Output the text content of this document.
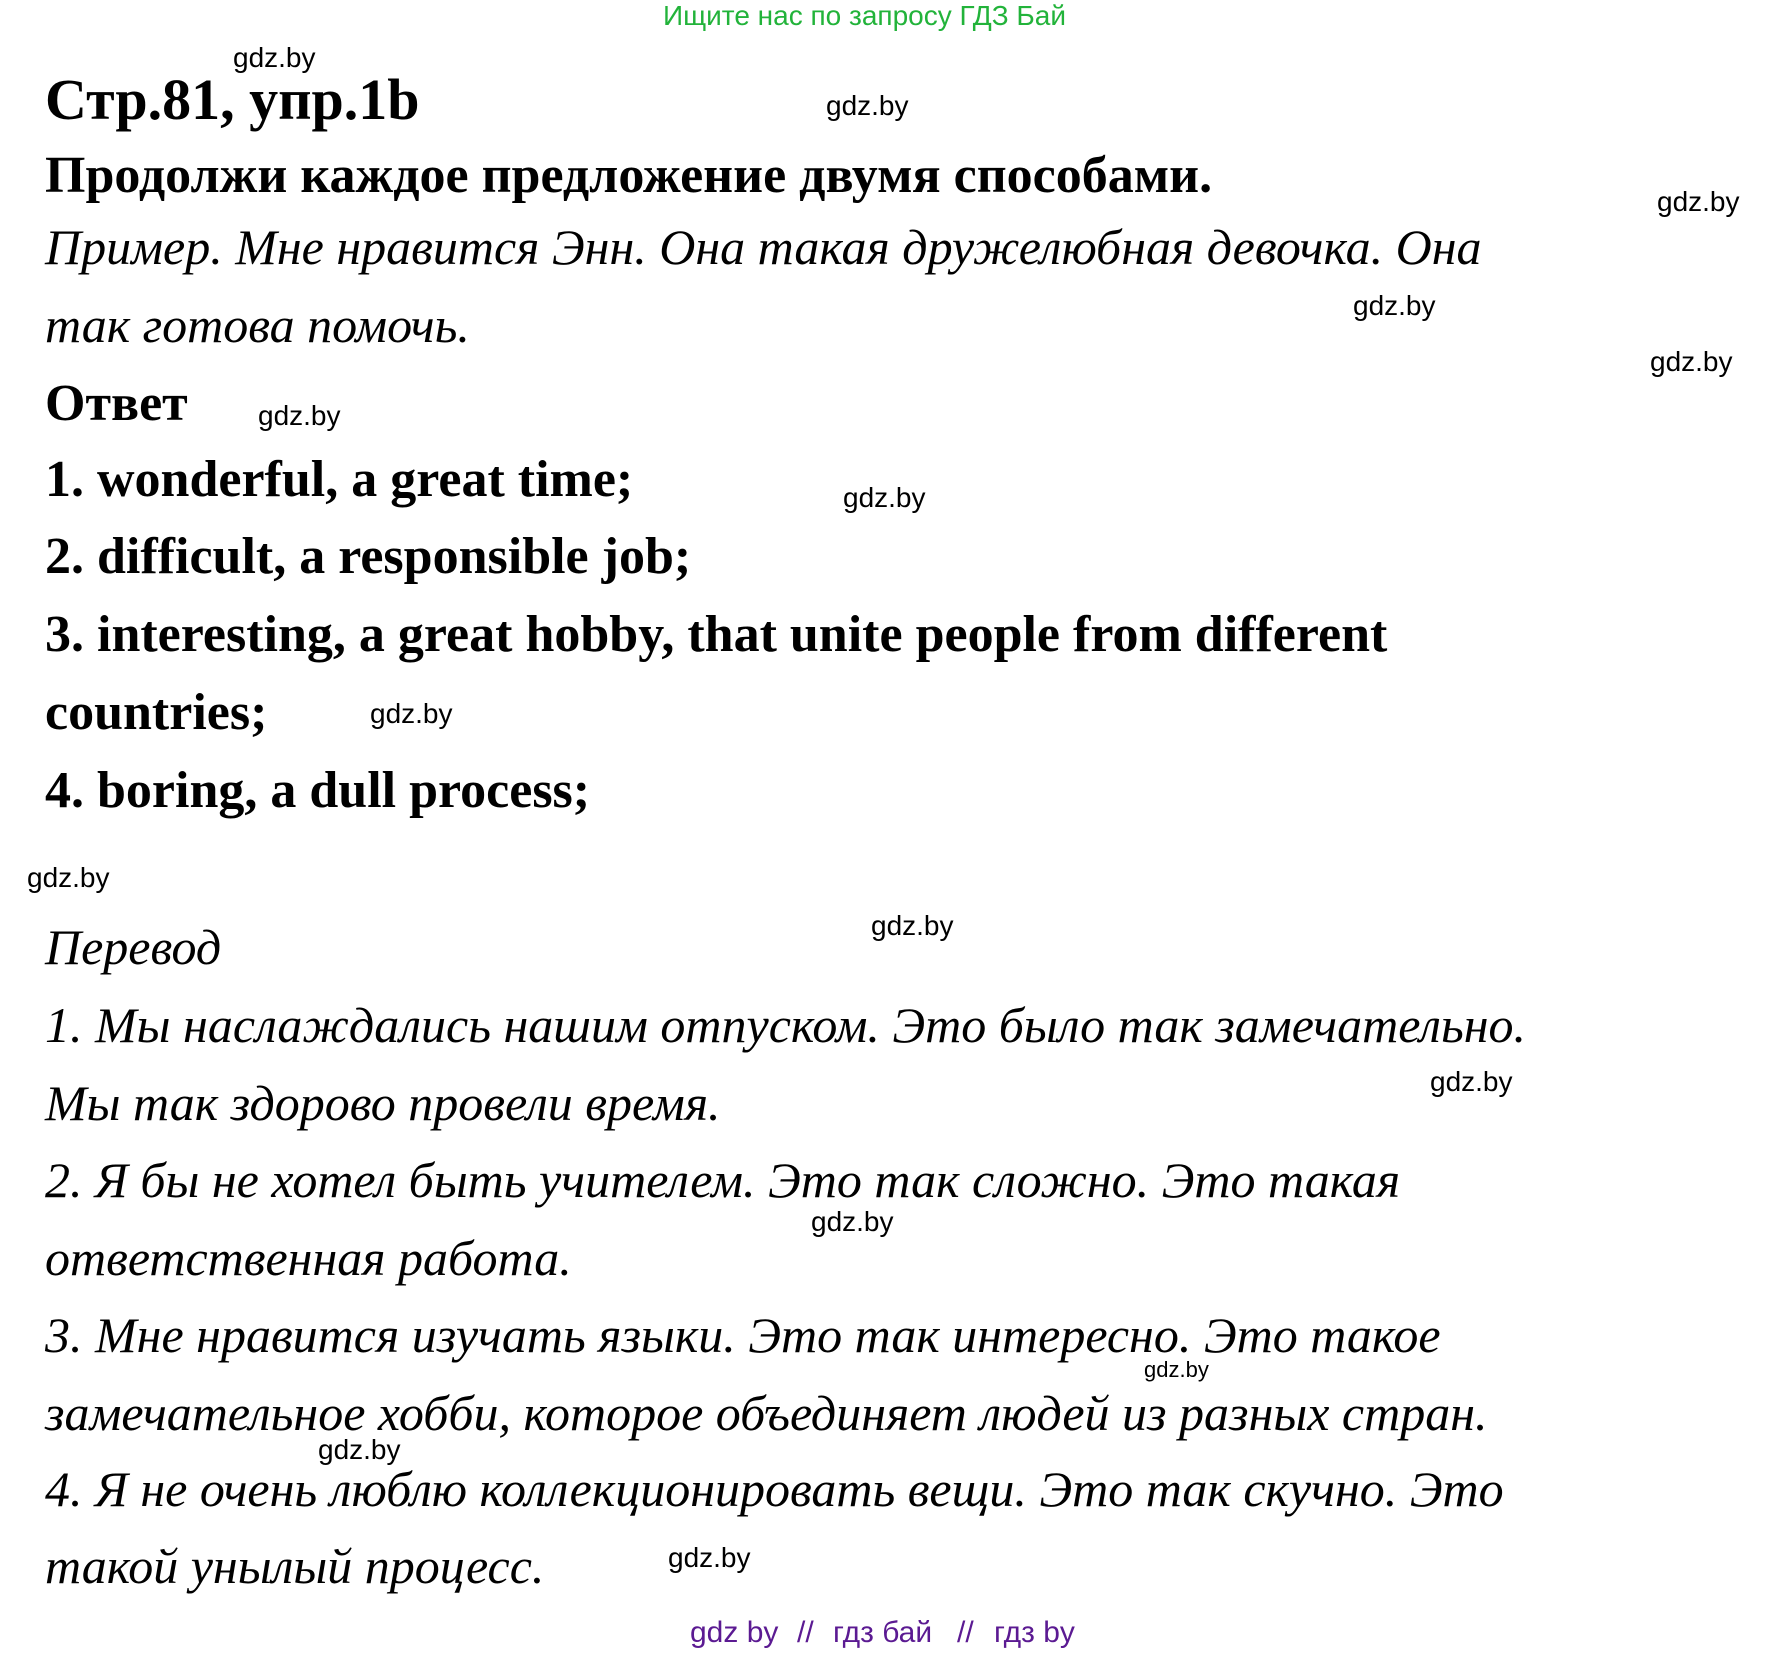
Ищите нас по запросу ГДЗ Бай
Стр.81, упр.1b
Продолжи каждое предложение двумя способами.
Пример. Мне нравится Энн. Она такая дружелюбная девочка. Она
так готова помочь.
Ответ
1. wonderful, a great time;
2. difficult, a responsible job;
3. interesting, a great hobby, that unite people from different
countries;
4. boring, a dull process;
Перевод
1. Мы наслаждались нашим отпуском. Это было так замечательно.
Мы так здорово провели время.
2. Я бы не хотел быть учителем. Это так сложно. Это такая
ответственная работа.
3. Мне нравится изучать языки. Это так интересно. Это такое
замечательное хобби, которое объединяет людей из разных стран.
4. Я не очень люблю коллекционировать вещи. Это так скучно. Это
такой унылый процесс.
gdz.by
gdz.by
gdz.by
gdz.by
gdz.by
gdz.by
gdz.by
gdz.by
gdz.by
gdz.by
gdz.by
gdz.by
gdz.by
gdz.by
gdz.by
gdz by // гдз бай // гдз by
